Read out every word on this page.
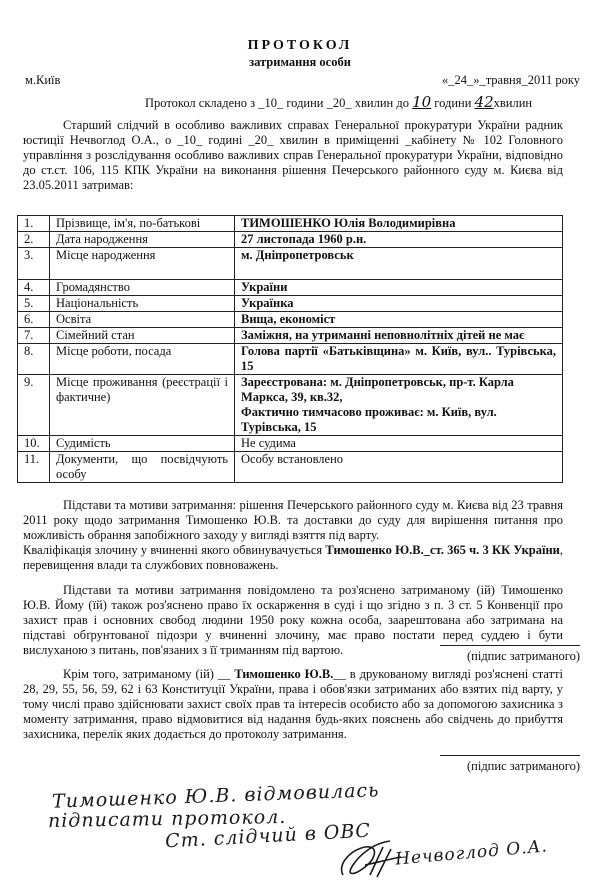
ПРОТОКОЛ
затримання особи
м.Київ	«_24_»_травня_2011 року
Протокол складено з _10_ години _20_ хвилин до 10 години 42хвилин
Старший слідчий в особливо важливих справах Генеральної прокуратури України радник юстиції Нечвоглод О.А., о _10_ годині _20_ хвилин в приміщенні _кабінету № 102 Головного управління з розслідування особливо важливих справ Генеральної прокуратури України, відповідно до ст.ст. 106, 115 КПК України на виконання рішення Печерського районного суду м. Києва від 23.05.2011 затримав:
1.	Прізвище, ім'я, по-батькові	ТИМОШЕНКО Юлія Володимирівна
2.	Дата народження	27 листопада 1960 р.н.
3.	Місце народження	м. Дніпропетровськ
4.	Громадянство	України
5.	Національність	Українка
6.	Освіта	Вища, економіст
7.	Сімейний стан	Заміжня, на утриманні неповнолітніх дітей не має
8.	Місце роботи, посада	Голова партії «Батьківщина» м. Київ, вул.. Турівська, 15
9.	Місце проживання (реєстрації і фактичне)	Зареєстрована: м. Дніпропетровськ, пр-т. Карла Маркса, 39, кв.32,
Фактично тимчасово проживає: м. Київ, вул. Турівська, 15

10.	Судимість	Не судима
11.	Документи, що посвідчують особу	Особу встановлено
Підстави та мотиви затримання: рішення Печерського районного суду м. Києва від 23 травня 2011 року щодо затримання Тимошенко Ю.В. та доставки до суду для вирішення питання про можливість обрання запобіжного заходу у вигляді взяття під варту.
Кваліфікація злочину у вчиненні якого обвинувачується Тимошенко Ю.В._ст. 365 ч. 3 КК України, перевищення влади та службових повноважень.
Підстави та мотиви затримання повідомлено та роз'яснено затриманому (ій) Тимошенко Ю.В. Йому (їй) також роз'яснено право їх оскарження в суді і що згідно з п. 3 ст. 5 Конвенції про захист прав і основних свобод людини 1950 року кожна особа, заарештована або затримана на підставі обґрунтованої підозри у вчиненні злочину, має право постати перед суддею і бути вислуханою з питань, пов'язаних з її триманням під вартою.	(підпис затриманого)
Крім того, затриманому (ій) __ Тимошенко Ю.В.__ в друкованому вигляді роз'яснені статті 28, 29, 55, 56, 59, 62 і 63 Конституції України, права і обов'язки затриманих або взятих під варту, у тому числі право здійснювати захист своїх прав та інтересів особисто або за допомогою захисника з моменту затримання, право відмовитися від надання будь-яких пояснень або свідчень до прибуття захисника, перелік яких додається до протоколу затримання.
(підпис затриманого)
Тимошенко Ю.В. відмовилась
підписати протокол.
Ст. слідчий в ОВС
Нечвоглод О.А.
